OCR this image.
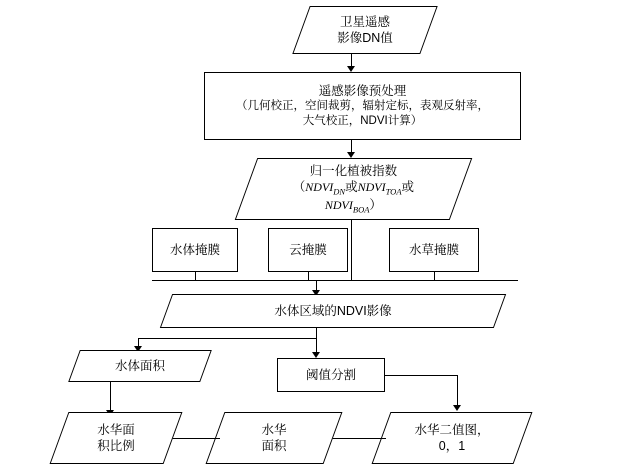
卫星遥感
影像DN值
遥感影像预处理
（几何校正，空间裁剪，辐射定标，表观反射率，
大气校正，NDVI计算）
归一化植被指数
（$NDVI_{DN}$或$NDVI_{TOA}$或
$NDVI_{BOA}$）
水体掩膜	云掩膜	水草掩膜
水体区域的NDVI影像
水体面积
阈值分割
水华二值图，
0，1
水华
面积
水华面
积比例
